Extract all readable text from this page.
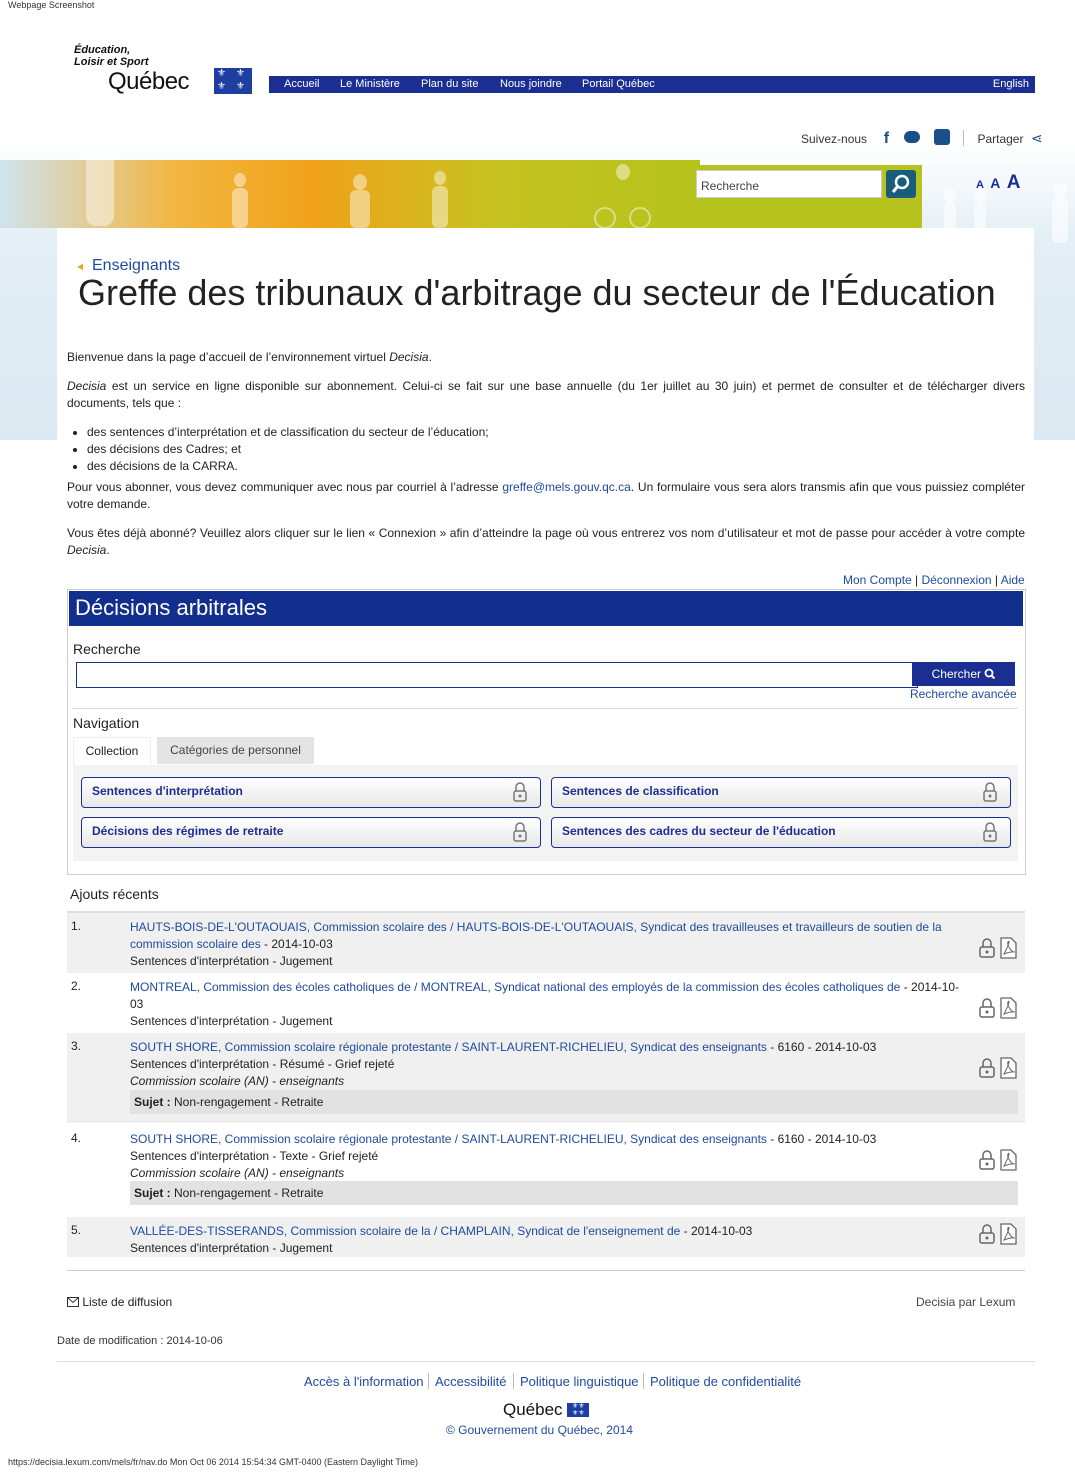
Webpage Screenshot
Éducation,
Loisir et Sport
Québec	⚜ ⚜
⚜ ⚜	Accueil Le Ministère Plan du site Nous joindre Portail Québec	English
Suivez-nous f	Partager ⋖
Recherche	A A A
◂ Enseignants
Greffe des tribunaux d'arbitrage du secteur de l'Éducation
Bienvenue dans la page d’accueil de l’environnement virtuel Decisia.
Decisia est un service en ligne disponible sur abonnement. Celui-ci se fait sur une base annuelle (du 1er juillet au 30 juin) et permet de consulter et de télécharger divers documents, tels que :
• des sentences d’interprétation et de classification du secteur de l’éducation;
• des décisions des Cadres; et
• des décisions de la CARRA.
Pour vous abonner, vous devez communiquer avec nous par courriel à l’adresse greffe@mels.gouv.qc.ca. Un formulaire vous sera alors transmis afin que vous puissiez compléter votre demande.
Vous êtes déjà abonné? Veuillez alors cliquer sur le lien « Connexion » afin d’atteindre la page où vous entrerez vos nom d’utilisateur et mot de passe pour accéder à votre compte Decisia.
Mon Compte | Déconnexion | Aide
Décisions arbitrales
Recherche
Chercher
Recherche avancée
Navigation
Collection	Catégories de personnel
Sentences d'interprétation	Sentences de classification
Décisions des régimes de retraite	Sentences des cadres du secteur de l'éducation
Ajouts récents
1.	HAUTS-BOIS-DE-L'OUTAOUAIS, Commission scolaire des / HAUTS-BOIS-DE-L'OUTAOUAIS, Syndicat des travailleuses et travailleurs de soutien de la commission scolaire des - 2014-10-03
Sentences d'interprétation - Jugement

2.	MONTREAL, Commission des écoles catholiques de / MONTREAL, Syndicat national des employés de la commission des écoles catholiques de - 2014-10-03
Sentences d'interprétation - Jugement

3.	SOUTH SHORE, Commission scolaire régionale protestante / SAINT-LAURENT-RICHELIEU, Syndicat des enseignants - 6160 - 2014-10-03
Sentences d'interprétation - Résumé - Grief rejeté
Commission scolaire (AN) - enseignants

Sujet : Non-rengagement - Retraite
4.	SOUTH SHORE, Commission scolaire régionale protestante / SAINT-LAURENT-RICHELIEU, Syndicat des enseignants - 6160 - 2014-10-03
Sentences d'interprétation - Texte - Grief rejeté
Commission scolaire (AN) - enseignants

Sujet : Non-rengagement - Retraite
5.	VALLÉE-DES-TISSERANDS, Commission scolaire de la / CHAMPLAIN, Syndicat de l'enseignement de - 2014-10-03
Sentences d'interprétation - Jugement

Liste de diffusion	Decisia par Lexum
Date de modification : 2014-10-06
Accès à l'information Accessibilité Politique linguistique Politique de confidentialité
Québec ⚜⚜
⚜⚜
© Gouvernement du Québec, 2014
https://decisia.lexum.com/mels/fr/nav.do Mon Oct 06 2014 15:54:34 GMT-0400 (Eastern Daylight Time)
